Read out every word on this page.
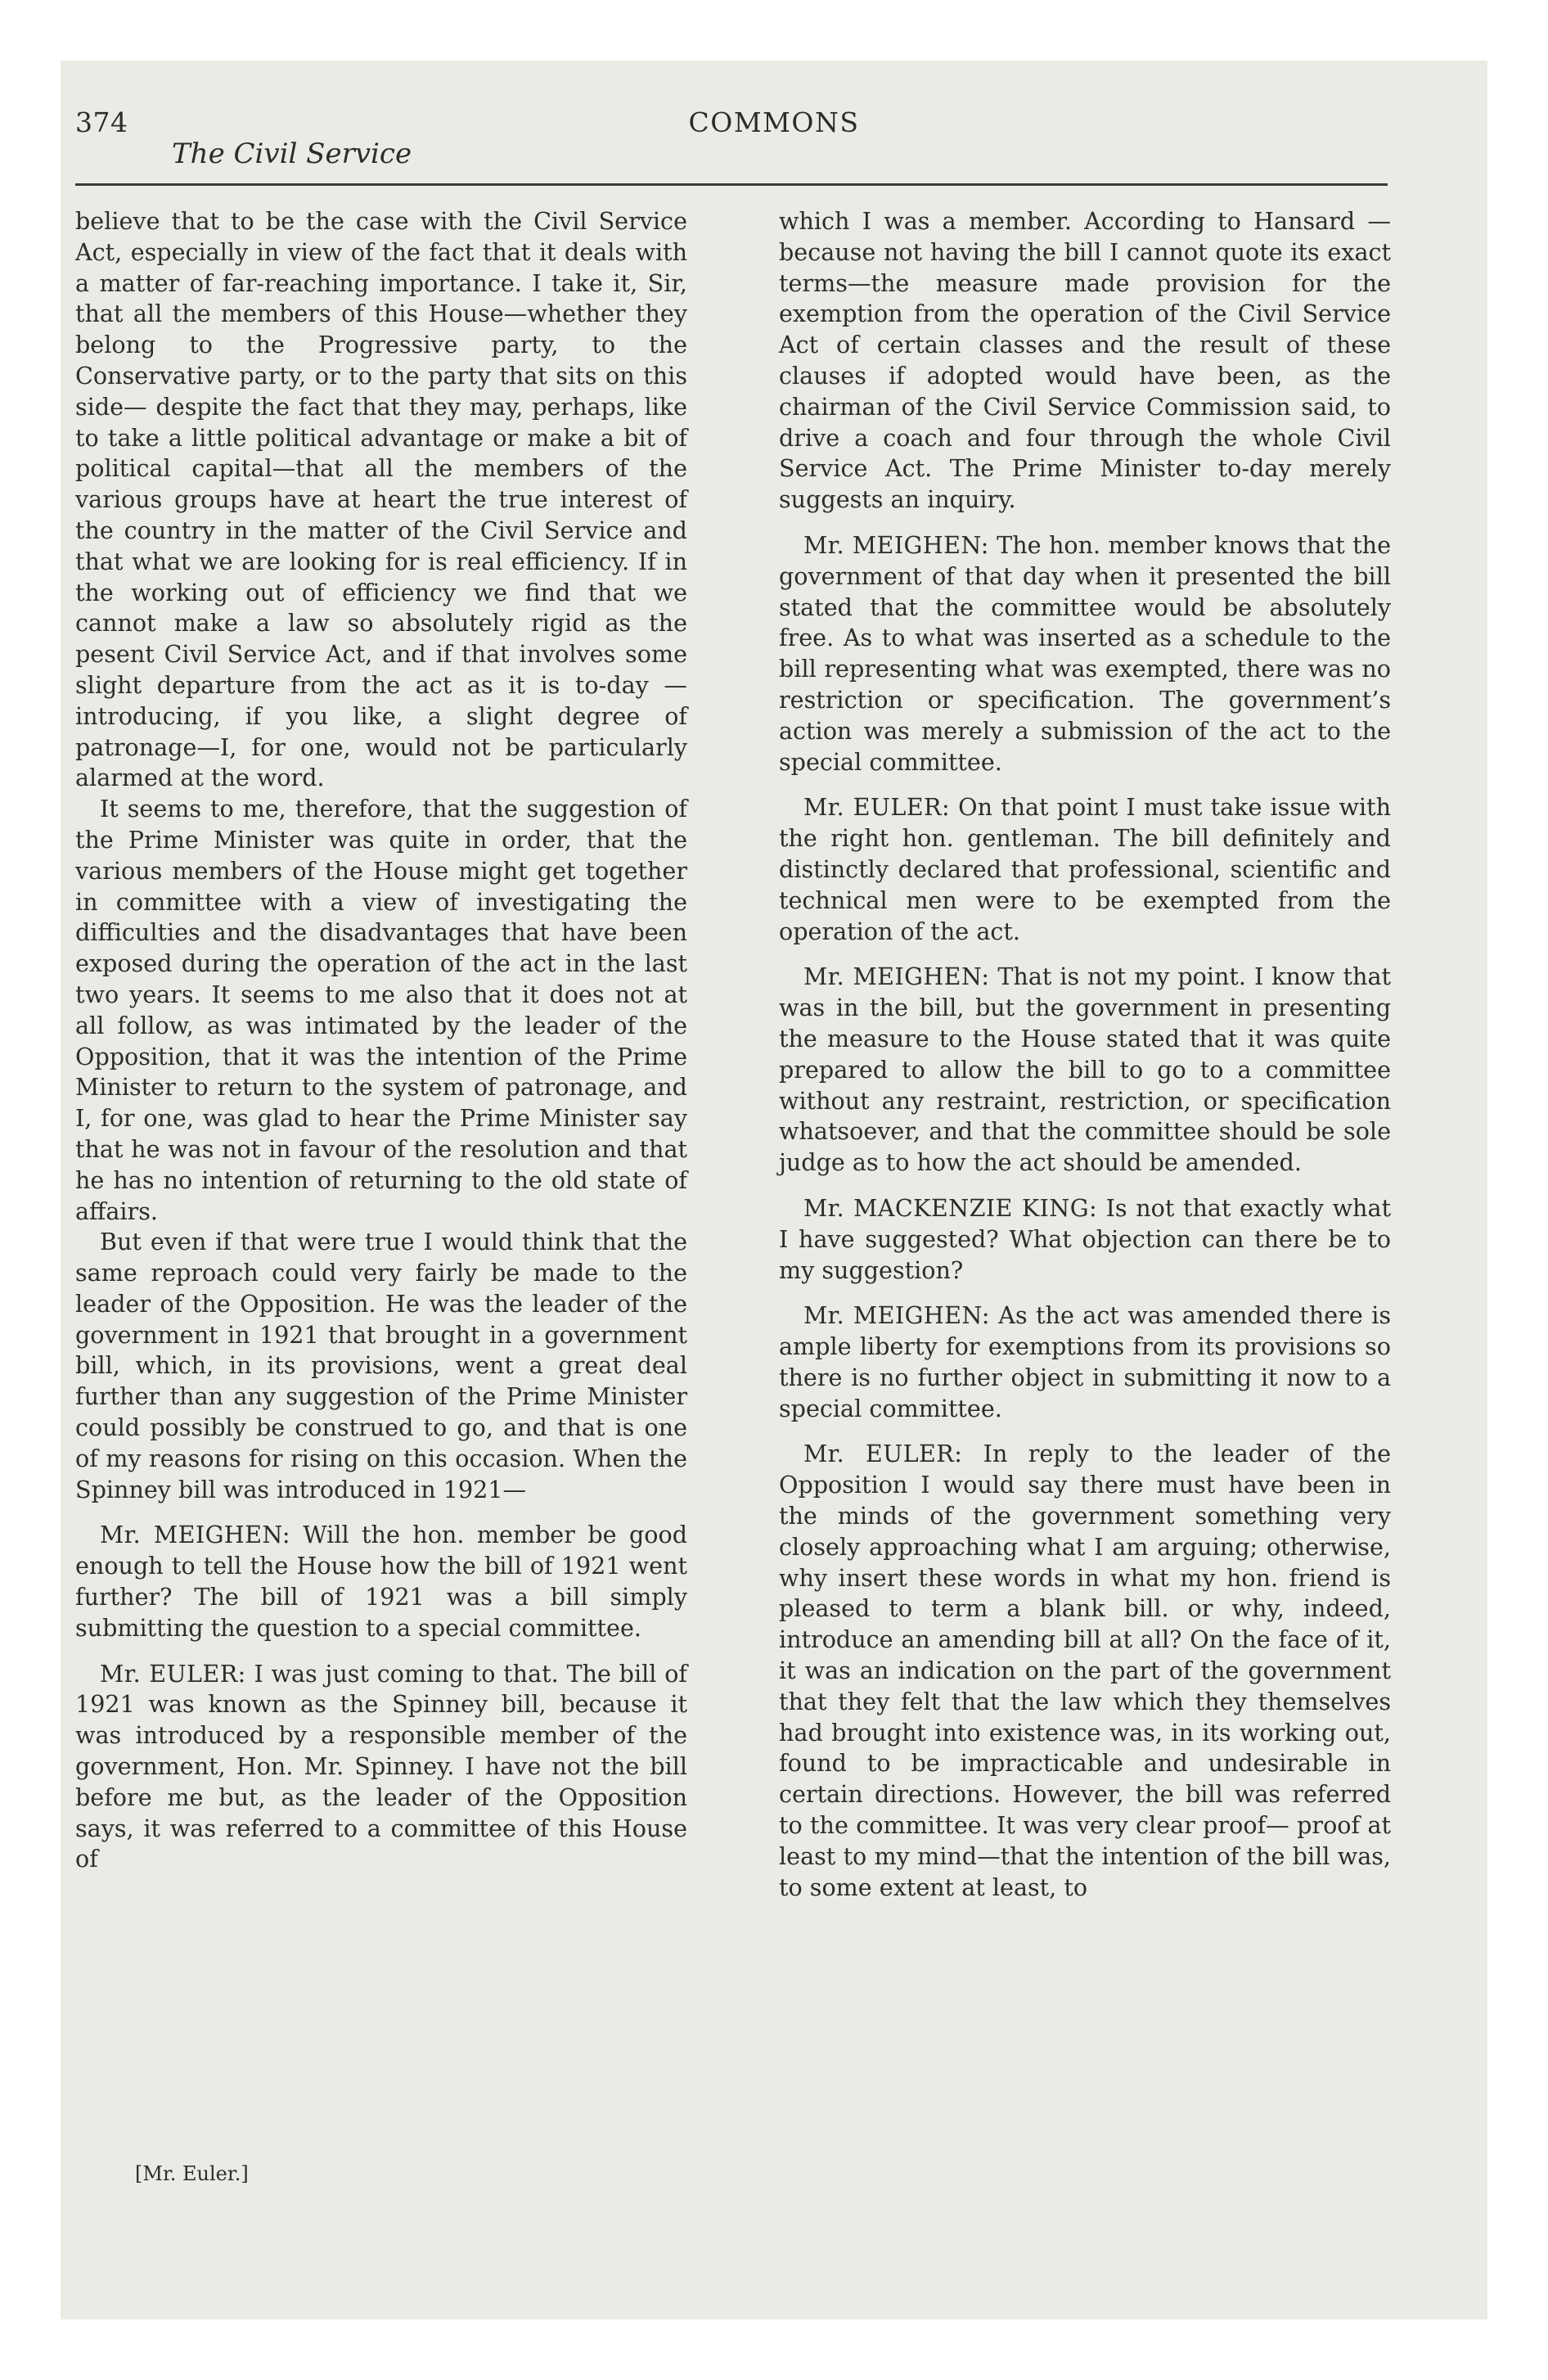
374	COMMONS
The Civil Service

believe that to be the case with the Civil Service Act, especially in view of the fact that it deals with a matter of far-reaching importance. I take it, Sir, that all the members of this House—whether they belong to the Progressive party, to the Conservative party, or to the party that sits on this side— despite the fact that they may, perhaps, like to take a little political advantage or make a bit of political capital—that all the members of the various groups have at heart the true interest of the country in the matter of the Civil Service and that what we are looking for is real efficiency. If in the working out of efficiency we find that we cannot make a law so absolutely rigid as the pesent Civil Service Act, and if that involves some slight departure from the act as it is to-day —introducing, if you like, a slight degree of patronage—I, for one, would not be particularly alarmed at the word.

It seems to me, therefore, that the suggestion of the Prime Minister was quite in order, that the various members of the House might get together in committee with a view of investigating the difficulties and the disadvantages that have been exposed during the operation of the act in the last two years. It seems to me also that it does not at all follow, as was intimated by the leader of the Opposition, that it was the intention of the Prime Minister to return to the system of patronage, and I, for one, was glad to hear the Prime Minister say that he was not in favour of the resolution and that he has no intention of returning to the old state of affairs.

But even if that were true I would think that the same reproach could very fairly be made to the leader of the Opposition. He was the leader of the government in 1921 that brought in a government bill, which, in its provisions, went a great deal further than any suggestion of the Prime Minister could possibly be construed to go, and that is one of my reasons for rising on this occasion. When the Spinney bill was introduced in 1921—

Mr. MEIGHEN: Will the hon. member be good enough to tell the House how the bill of 1921 went further? The bill of 1921 was a bill simply submitting the question to a special committee.

Mr. EULER: I was just coming to that. The bill of 1921 was known as the Spinney bill, because it was introduced by a responsible member of the government, Hon. Mr. Spinney. I have not the bill before me but, as the leader of the Opposition says, it was referred to a committee of this House of

which I was a member. According to Hansard —because not having the bill I cannot quote its exact terms—the measure made provision for the exemption from the operation of the Civil Service Act of certain classes and the result of these clauses if adopted would have been, as the chairman of the Civil Service Commission said, to drive a coach and four through the whole Civil Service Act. The Prime Minister to-day merely suggests an inquiry.

Mr. MEIGHEN: The hon. member knows that the government of that day when it presented the bill stated that the committee would be absolutely free. As to what was inserted as a schedule to the bill representing what was exempted, there was no restriction or specification. The government’s action was merely a submission of the act to the special committee.

Mr. EULER: On that point I must take issue with the right hon. gentleman. The bill definitely and distinctly declared that professional, scientific and technical men were to be exempted from the operation of the act.

Mr. MEIGHEN: That is not my point. I know that was in the bill, but the government in presenting the measure to the House stated that it was quite prepared to allow the bill to go to a committee without any restraint, restriction, or specification whatsoever, and that the committee should be sole judge as to how the act should be amended.

Mr. MACKENZIE KING: Is not that exactly what I have suggested? What objection can there be to my suggestion?

Mr. MEIGHEN: As the act was amended there is ample liberty for exemptions from its provisions so there is no further object in submitting it now to a special committee.

Mr. EULER: In reply to the leader of the Opposition I would say there must have been in the minds of the government something very closely approaching what I am arguing; otherwise, why insert these words in what my hon. friend is pleased to term a blank bill. or why, indeed, introduce an amending bill at all? On the face of it, it was an indication on the part of the government that they felt that the law which they themselves had brought into existence was, in its working out, found to be impracticable and undesirable in certain directions. However, the bill was referred to the committee. It was very clear proof— proof at least to my mind—that the intention of the bill was, to some extent at least, to

[Mr. Euler.]
